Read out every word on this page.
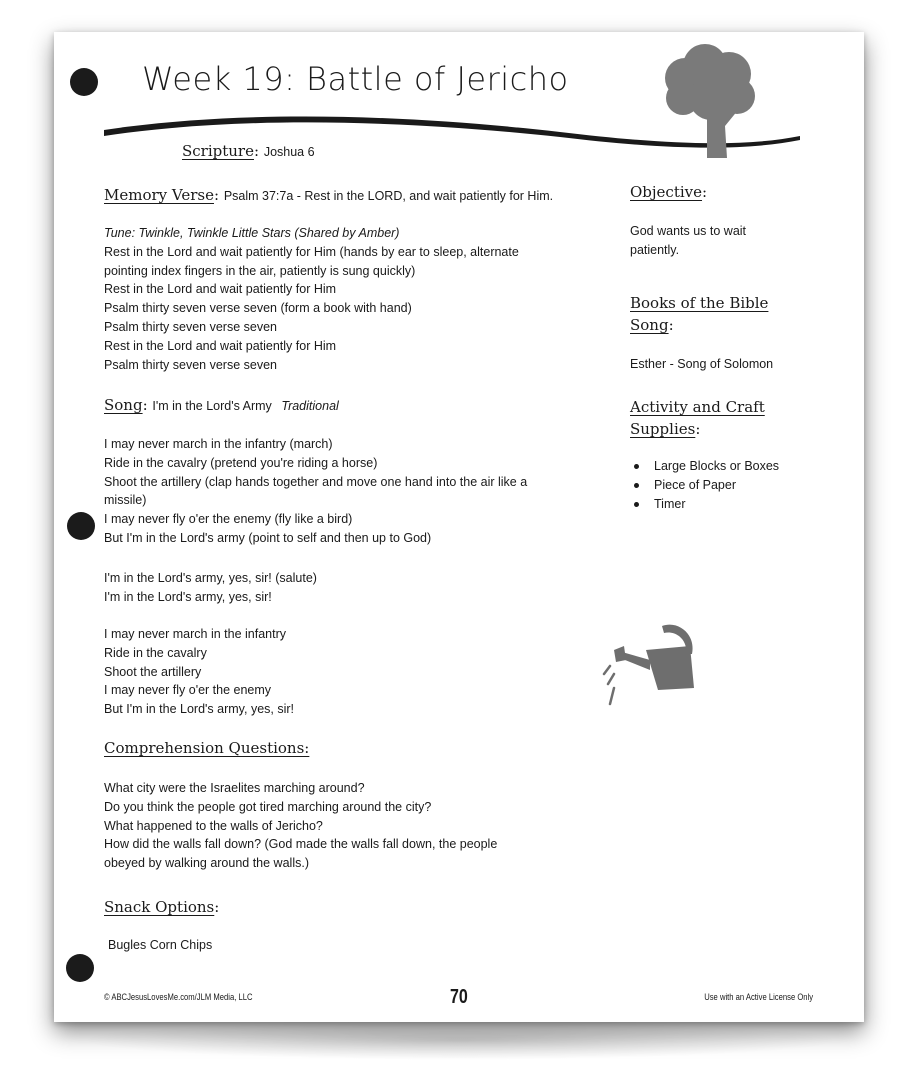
Week 19: Battle of Jericho

Scripture: Joshua 6

Memory Verse: Psalm 37:7a - Rest in the LORD, and wait patiently for Him.

Tune: Twinkle, Twinkle Little Stars (Shared by Amber)
Rest in the Lord and wait patiently for Him (hands by ear to sleep, alternate
pointing index fingers in the air, patiently is sung quickly)
Rest in the Lord and wait patiently for Him
Psalm thirty seven verse seven (form a book with hand)
Psalm thirty seven verse seven
Rest in the Lord and wait patiently for Him
Psalm thirty seven verse seven

Song: I'm in the Lord's Army Traditional

I may never march in the infantry (march)
Ride in the cavalry (pretend you're riding a horse)
Shoot the artillery (clap hands together and move one hand into the air like a
missile)
I may never fly o'er the enemy (fly like a bird)
But I'm in the Lord's army (point to self and then up to God)
I'm in the Lord's army, yes, sir! (salute)
I'm in the Lord's army, yes, sir!
I may never march in the infantry
Ride in the cavalry
Shoot the artillery
I may never fly o'er the enemy
But I'm in the Lord's army, yes, sir!

Comprehension Questions:

What city were the Israelites marching around?
Do you think the people got tired marching around the city?
What happened to the walls of Jericho?
How did the walls fall down? (God made the walls fall down, the people
obeyed by walking around the walls.)

Snack Options:

Bugles Corn Chips

Objective:

God wants us to wait
patiently.

Books of the Bible
Song:

Esther - Song of Solomon

Activity and Craft
Supplies:

Large Blocks or Boxes
Piece of Paper
Timer

© ABCJesusLovesMe.com/JLM Media, LLC	70	Use with an Active License Only
